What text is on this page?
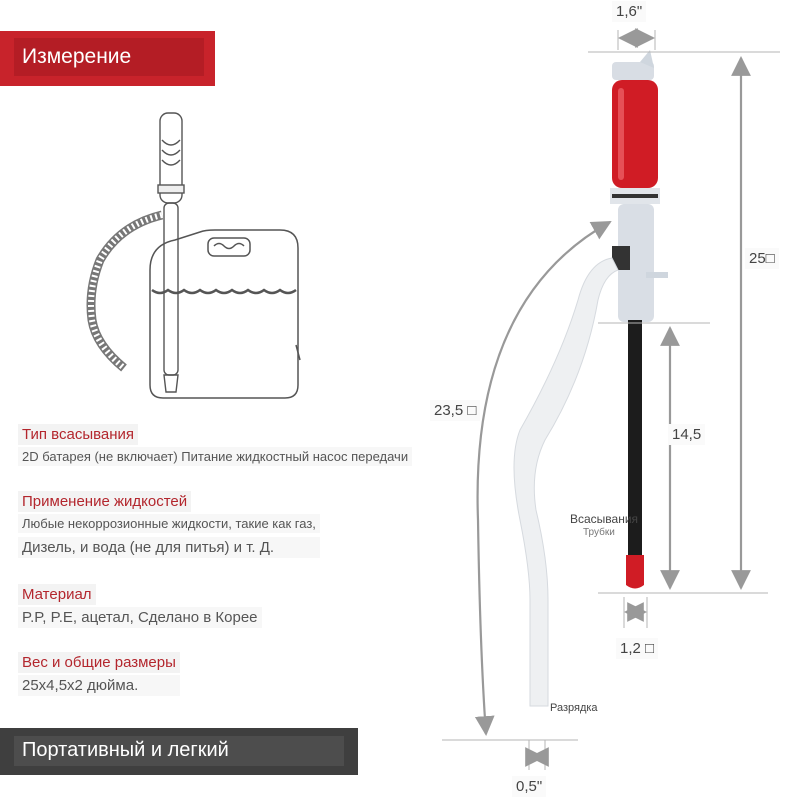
Измерение
Портативный и легкий
Тип всасывания
2D батарея (не включает) Питание жидкостный насос передачи
Применение жидкостей
Любые некоррозионные жидкости, такие как газ,
Дизель, и вода (не для питья) и т. Д.
Материал
P.P, P.E, ацетал, Сделано в Корее
Вес и общие размеры
25x4,5x2 дюйма.
1,6"
25□
14,5
23,5 □
1,2 □
0,5"
Всасывания
Трубки
Разрядка
